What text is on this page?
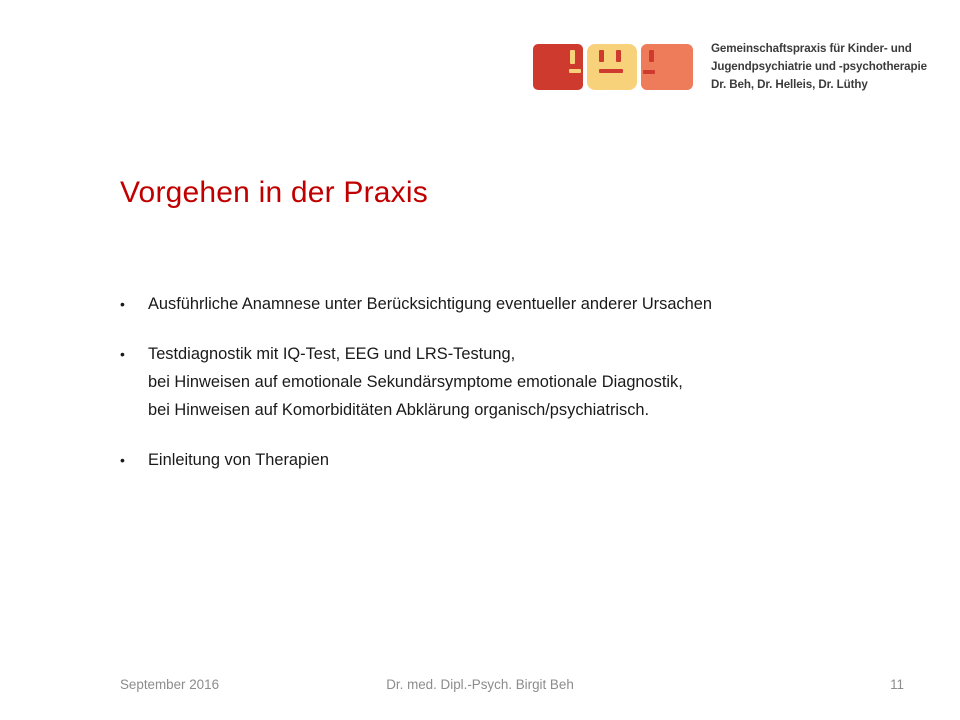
Gemeinschaftspraxis für Kinder- und
Jugendpsychiatrie und -psychotherapie
Dr. Beh, Dr. Helleis, Dr. Lüthy
Vorgehen in der Praxis
• Ausführliche Anamnese unter Berücksichtigung eventueller anderer Ursachen
• Testdiagnostik mit IQ-Test, EEG und LRS-Testung,
bei Hinweisen auf emotionale Sekundärsymptome emotionale Diagnostik,
bei Hinweisen auf Komorbiditäten Abklärung organisch/psychiatrisch.
• Einleitung von Therapien
September 2016	Dr. med. Dipl.-Psych. Birgit Beh	11
